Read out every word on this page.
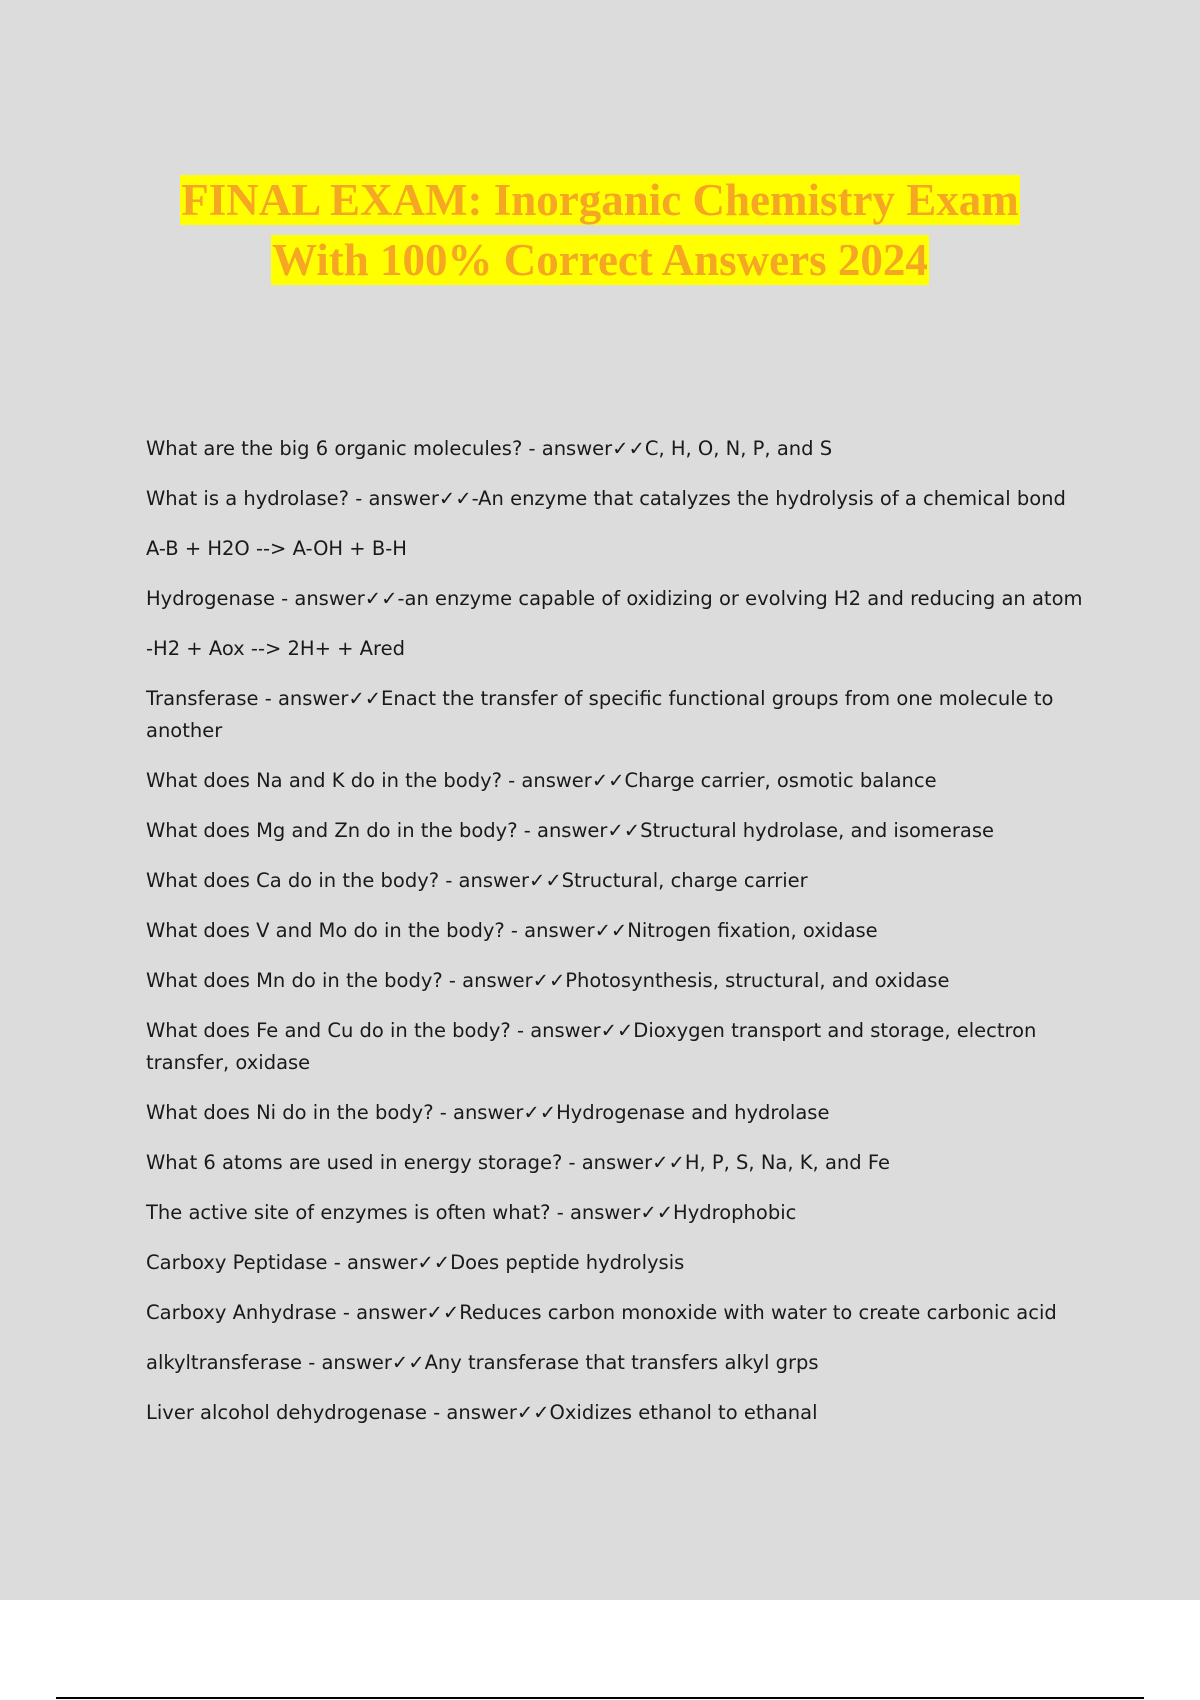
FINAL EXAM: Inorganic Chemistry Exam
With 100% Correct Answers 2024

What are the big 6 organic molecules? - answer✓✓C, H, O, N, P, and S

What is a hydrolase? - answer✓✓-An enzyme that catalyzes the hydrolysis of a chemical bond

A-B + H2O --> A-OH + B-H

Hydrogenase - answer✓✓-an enzyme capable of oxidizing or evolving H2 and reducing an atom

-H2 + Aox --> 2H+ + Ared

Transferase - answer✓✓Enact the transfer of specific functional groups from one molecule to another

What does Na and K do in the body? - answer✓✓Charge carrier, osmotic balance

What does Mg and Zn do in the body? - answer✓✓Structural hydrolase, and isomerase

What does Ca do in the body? - answer✓✓Structural, charge carrier

What does V and Mo do in the body? - answer✓✓Nitrogen fixation, oxidase

What does Mn do in the body? - answer✓✓Photosynthesis, structural, and oxidase

What does Fe and Cu do in the body? - answer✓✓Dioxygen transport and storage, electron transfer, oxidase

What does Ni do in the body? - answer✓✓Hydrogenase and hydrolase

What 6 atoms are used in energy storage? - answer✓✓H, P, S, Na, K, and Fe

The active site of enzymes is often what? - answer✓✓Hydrophobic

Carboxy Peptidase - answer✓✓Does peptide hydrolysis

Carboxy Anhydrase - answer✓✓Reduces carbon monoxide with water to create carbonic acid

alkyltransferase - answer✓✓Any transferase that transfers alkyl grps

Liver alcohol dehydrogenase - answer✓✓Oxidizes ethanol to ethanal
